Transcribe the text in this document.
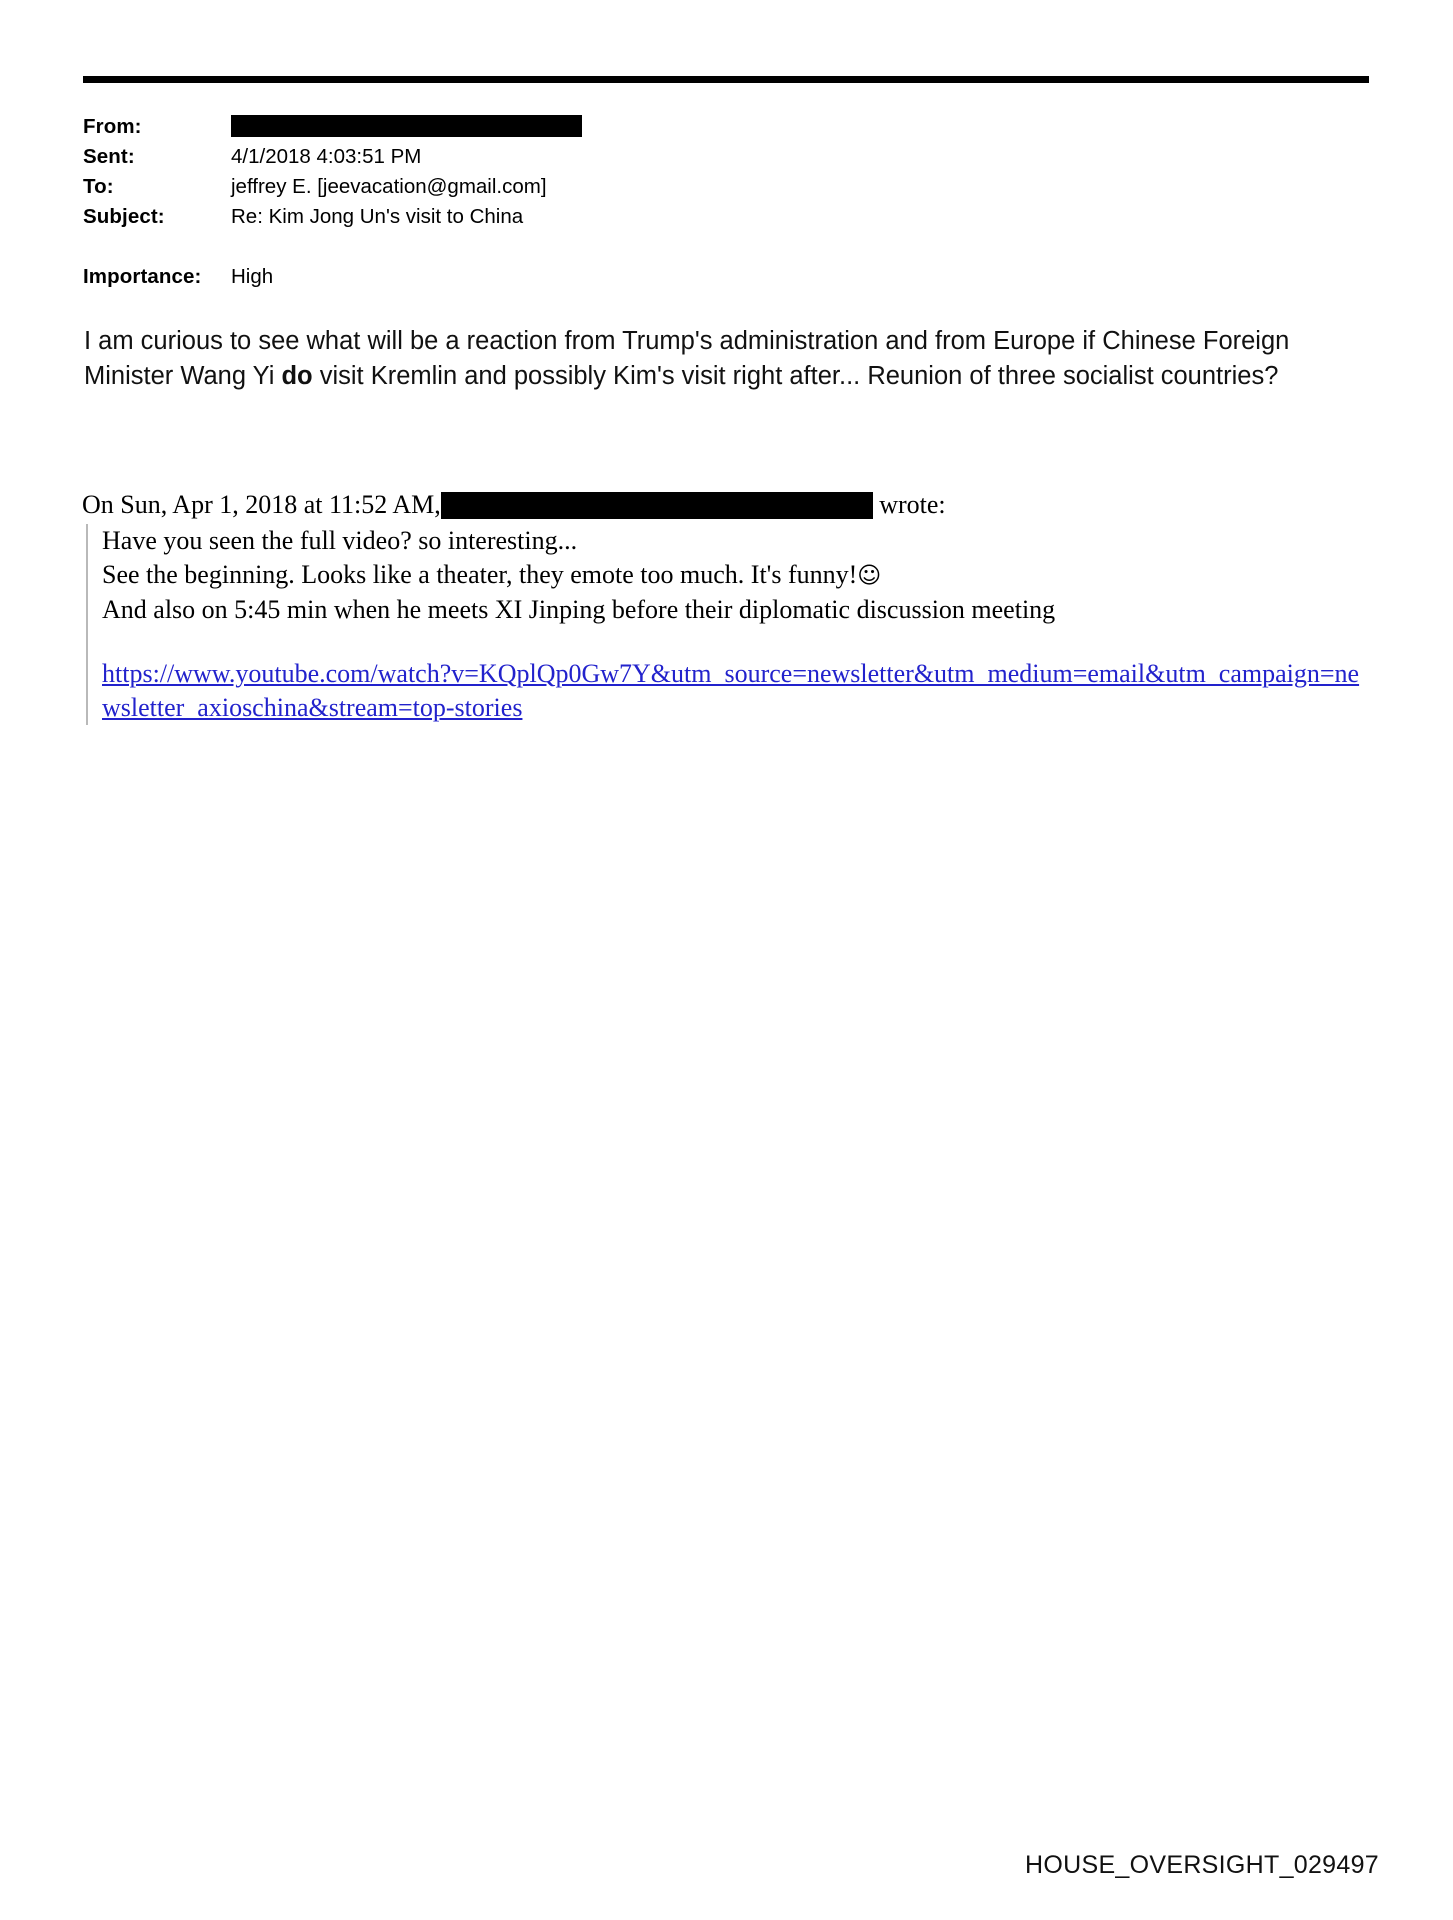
From:
Sent:	4/1/2018 4:03:51 PM
To:	jeffrey E. [jeevacation@gmail.com]
Subject:	Re: Kim Jong Un's visit to China
Importance:	High
I am curious to see what will be a reaction from Trump's administration and from Europe if Chinese Foreign Minister Wang Yi do visit Kremlin and possibly Kim's visit right after... Reunion of three socialist countries?
On Sun, Apr 1, 2018 at 11:52 AM,	wrote:

Have you seen the full video? so interesting...

See the beginning. Looks like a theater, they emote too much. It's funny!☺

And also on 5:45 min when he meets XI Jinping before their diplomatic discussion meeting

https://www.youtube.com/watch?v=KQplQp0Gw7Y&utm_source=newsletter&utm_medium=email&utm_campaign=newsletter_axioschina&stream=top-stories
HOUSE_OVERSIGHT_029497
